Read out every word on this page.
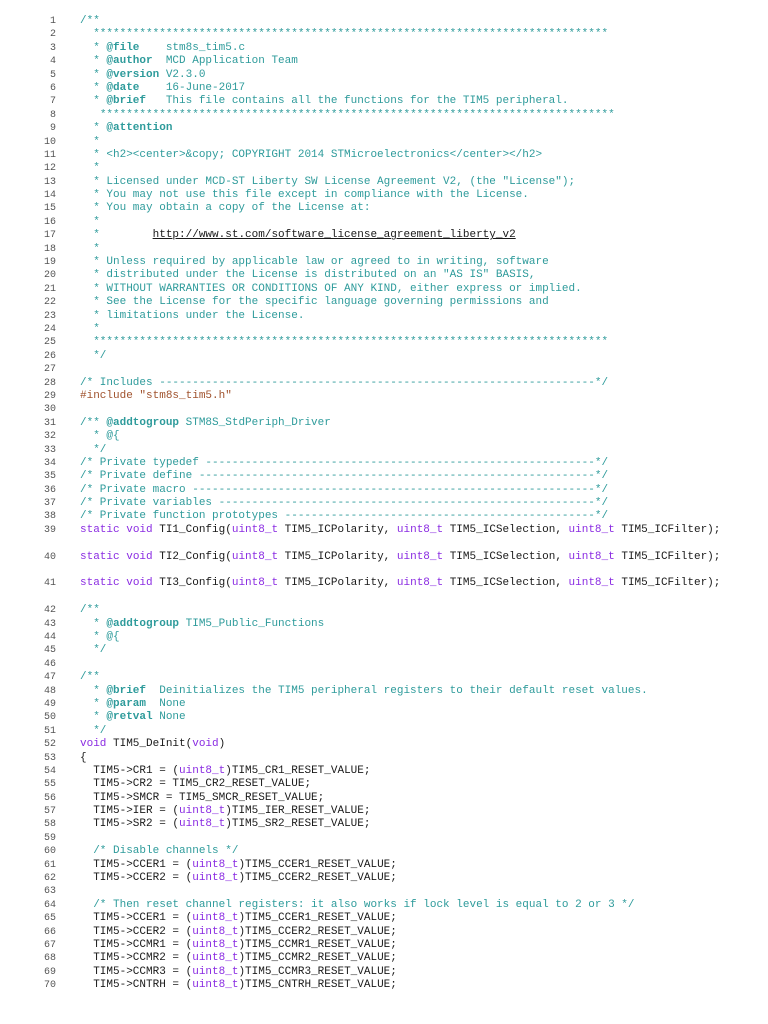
1 /**
2 ******************************************************************************
3 * @file    stm8s_tim5.c
4 * @author  MCD Application Team
5 * @version V2.3.0
6 * @date    16-June-2017
7 * @brief   This file contains all the functions for the TIM5 peripheral.
8 ******************************************************************************
9 * @attention
10 *
11 * <h2><center>&copy; COPYRIGHT 2014 STMicroelectronics</center></h2>
12 *
13 * Licensed under MCD-ST Liberty SW License Agreement V2, (the "License");
14 * You may not use this file except in compliance with the License.
15 * You may obtain a copy of the License at:
16 *
17 *        http://www.st.com/software_license_agreement_liberty_v2
18 *
19 * Unless required by applicable law or agreed to in writing, software
20 * distributed under the License is distributed on an "AS IS" BASIS,
21 * WITHOUT WARRANTIES OR CONDITIONS OF ANY KIND, either express or implied.
22 * See the License for the specific language governing permissions and
23 * limitations under the License.
24 *
25 ******************************************************************************
26 */
27
28 /* Includes ------------------------------------------------------------------*/
29 #include "stm8s_tim5.h"
30
31 /** @addtogroup STM8S_StdPeriph_Driver
32 * @{
33 */
34 /* Private typedef -----------------------------------------------------------*/
35 /* Private define ------------------------------------------------------------*/
36 /* Private macro -------------------------------------------------------------*/
37 /* Private variables ---------------------------------------------------------*/
38 /* Private function prototypes -----------------------------------------------*/
39 static void TI1_Config(uint8_t TIM5_ICPolarity, uint8_t TIM5_ICSelection, uint8_t TIM5_ICFilter);
40 static void TI2_Config(uint8_t TIM5_ICPolarity, uint8_t TIM5_ICSelection, uint8_t TIM5_ICFilter);
41 static void TI3_Config(uint8_t TIM5_ICPolarity, uint8_t TIM5_ICSelection, uint8_t TIM5_ICFilter);
42 /**
43 * @addtogroup TIM5_Public_Functions
44 * @{
45 */
46
47 /**
48 * @brief  Deinitializes the TIM5 peripheral registers to their default reset values.
49 * @param  None
50 * @retval None
51 */
52 void TIM5_DeInit(void)
53 {
54 TIM5->CR1 = (uint8_t)TIM5_CR1_RESET_VALUE;
55 TIM5->CR2 = TIM5_CR2_RESET_VALUE;
56 TIM5->SMCR = TIM5_SMCR_RESET_VALUE;
57 TIM5->IER = (uint8_t)TIM5_IER_RESET_VALUE;
58 TIM5->SR2 = (uint8_t)TIM5_SR2_RESET_VALUE;
59
60 /* Disable channels */
61 TIM5->CCER1 = (uint8_t)TIM5_CCER1_RESET_VALUE;
62 TIM5->CCER2 = (uint8_t)TIM5_CCER2_RESET_VALUE;
63
64 /* Then reset channel registers: it also works if lock level is equal to 2 or 3 */
65 TIM5->CCER1 = (uint8_t)TIM5_CCER1_RESET_VALUE;
66 TIM5->CCER2 = (uint8_t)TIM5_CCER2_RESET_VALUE;
67 TIM5->CCMR1 = (uint8_t)TIM5_CCMR1_RESET_VALUE;
68 TIM5->CCMR2 = (uint8_t)TIM5_CCMR2_RESET_VALUE;
69 TIM5->CCMR3 = (uint8_t)TIM5_CCMR3_RESET_VALUE;
70 TIM5->CNTRH = (uint8_t)TIM5_CNTRH_RESET_VALUE;
